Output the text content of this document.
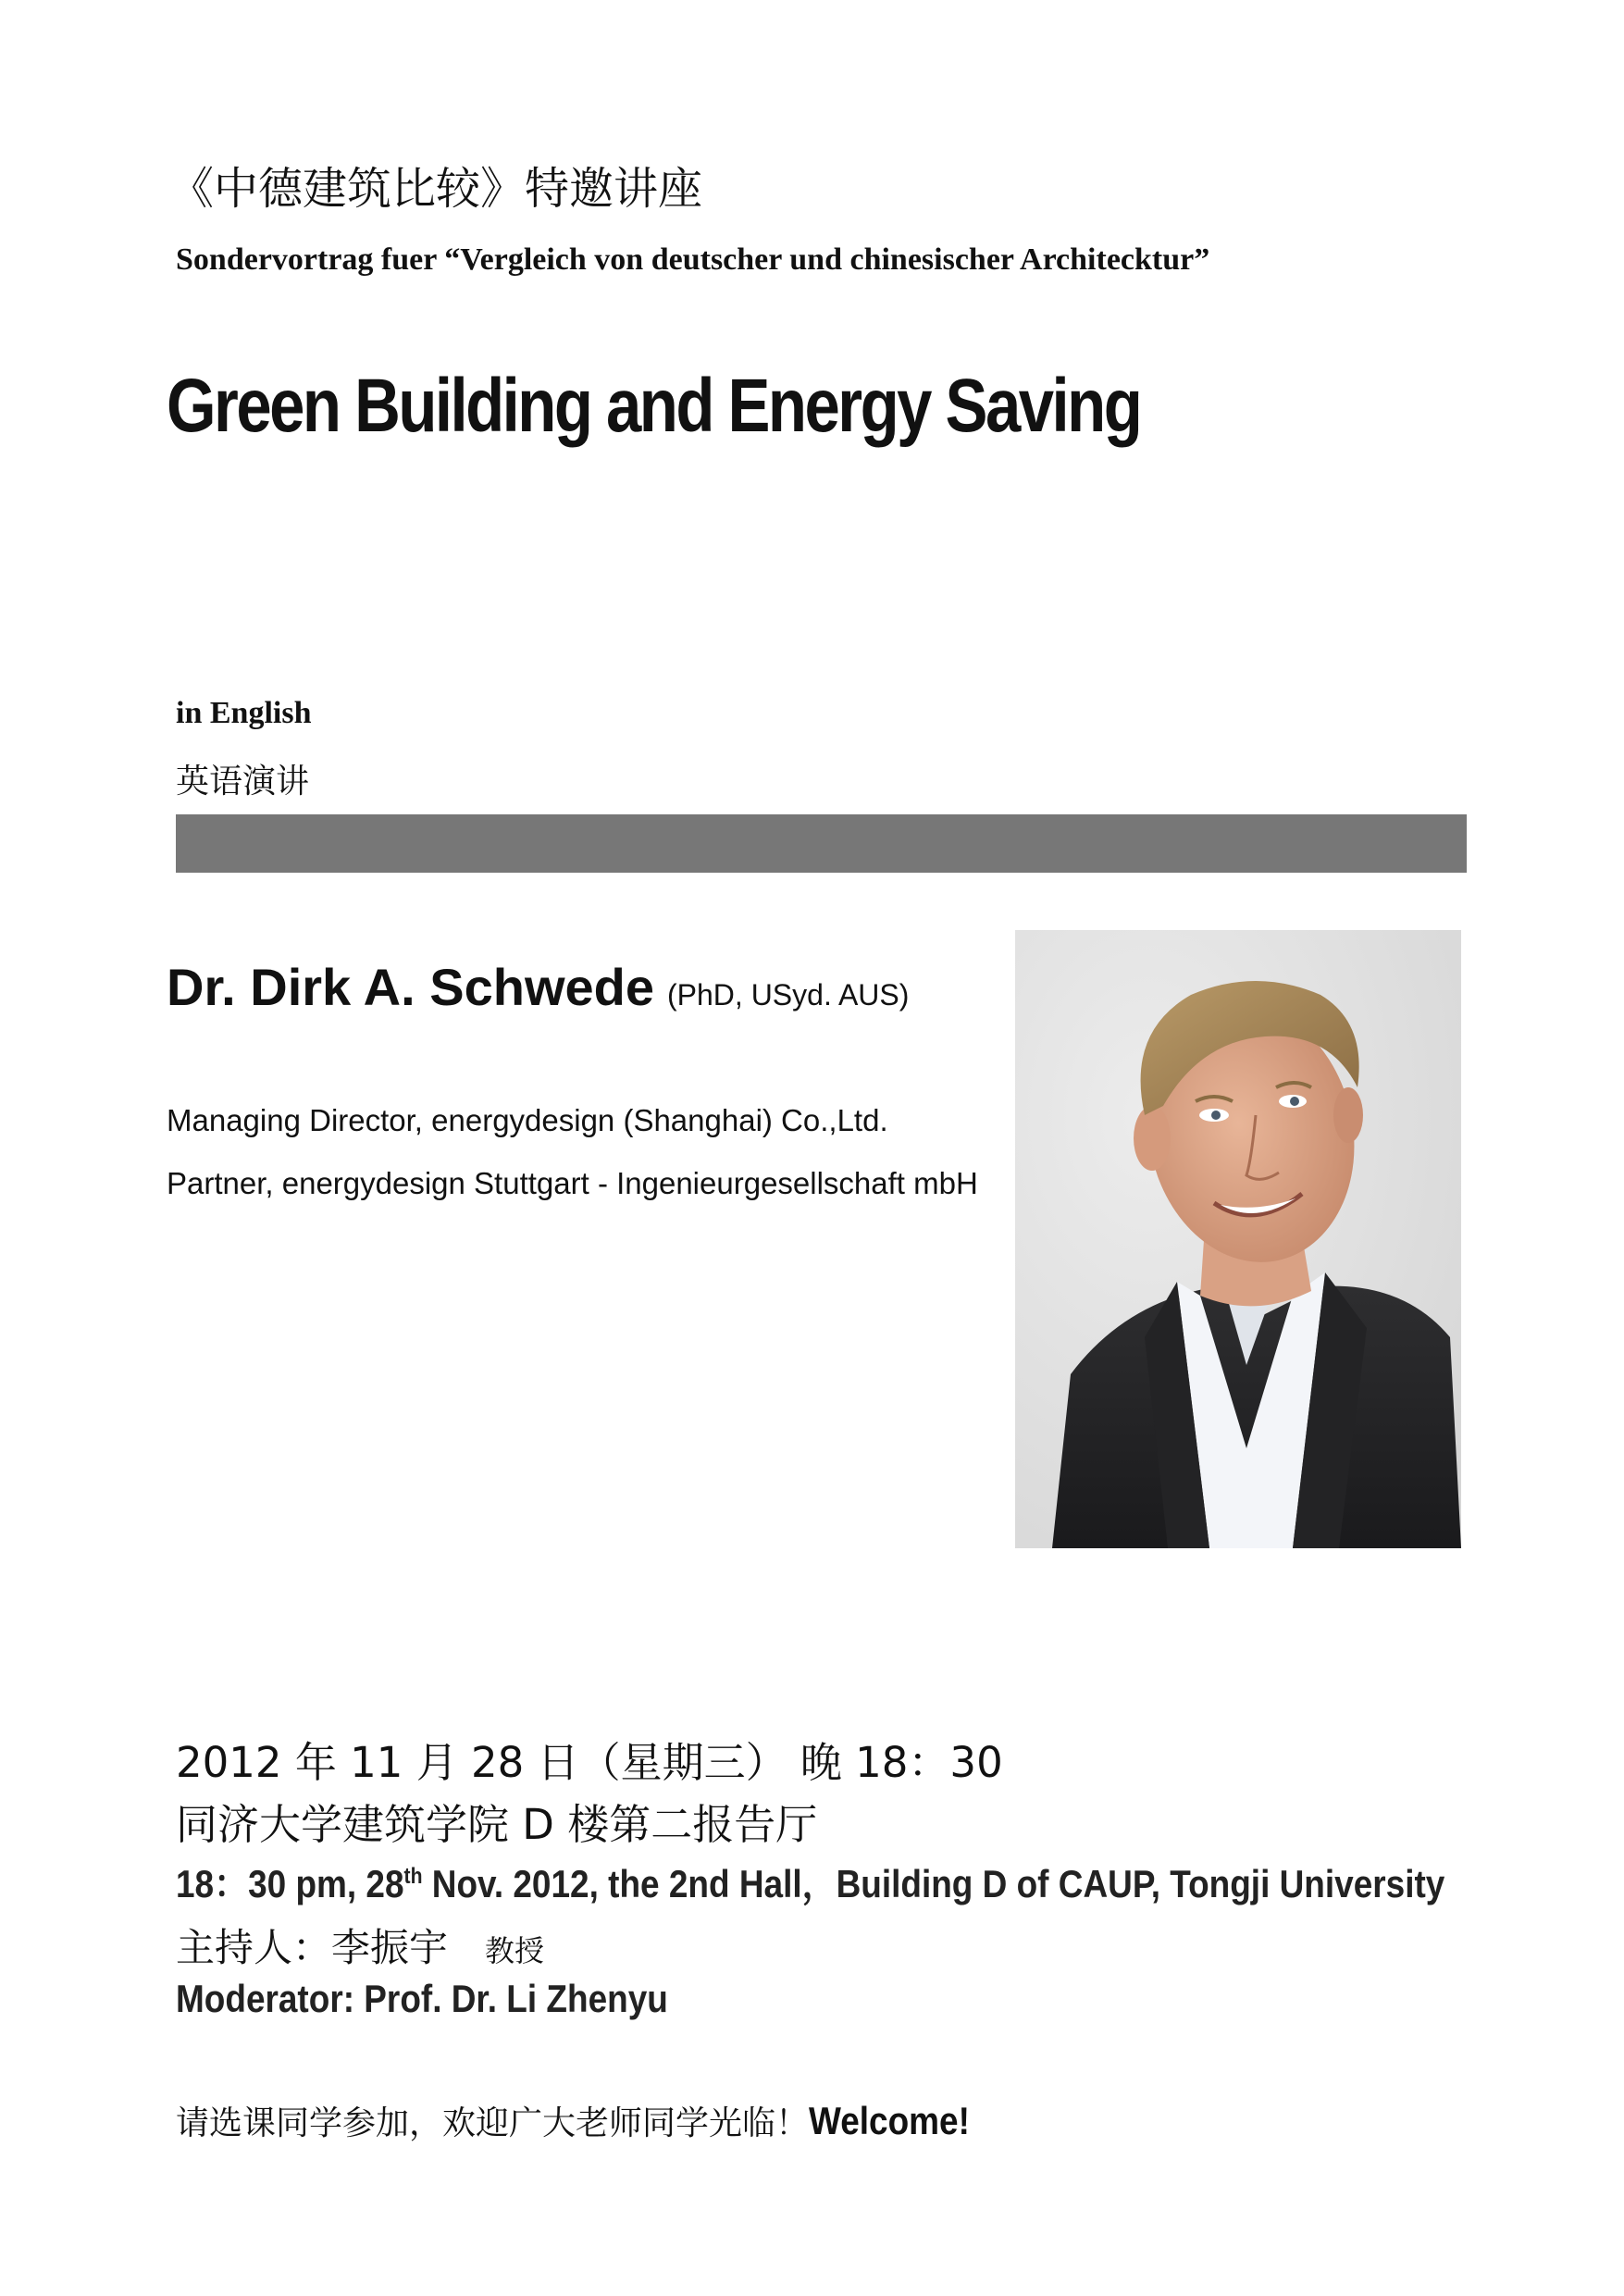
《中德建筑比较》特邀讲座
Sondervortrag fuer “Vergleich von deutscher und chinesischer Architecktur”
Green Building and Energy Saving
in English
英语演讲
Dr. Dirk A. Schwede (PhD, USyd. AUS)
Managing Director, energydesign (Shanghai) Co.,Ltd.
Partner, energydesign Stuttgart - Ingenieurgesellschaft mbH
2012 年 11 月 28 日（星期三） 晚 18：30
同济大学建筑学院 D 楼第二报告厅
18：30 pm, 28th Nov. 2012, the 2nd Hall，Building D of CAUP, Tongji University
主持人：李振宇 教授
Moderator: Prof. Dr. Li Zhenyu
请选课同学参加，欢迎广大老师同学光临！Welcome!
